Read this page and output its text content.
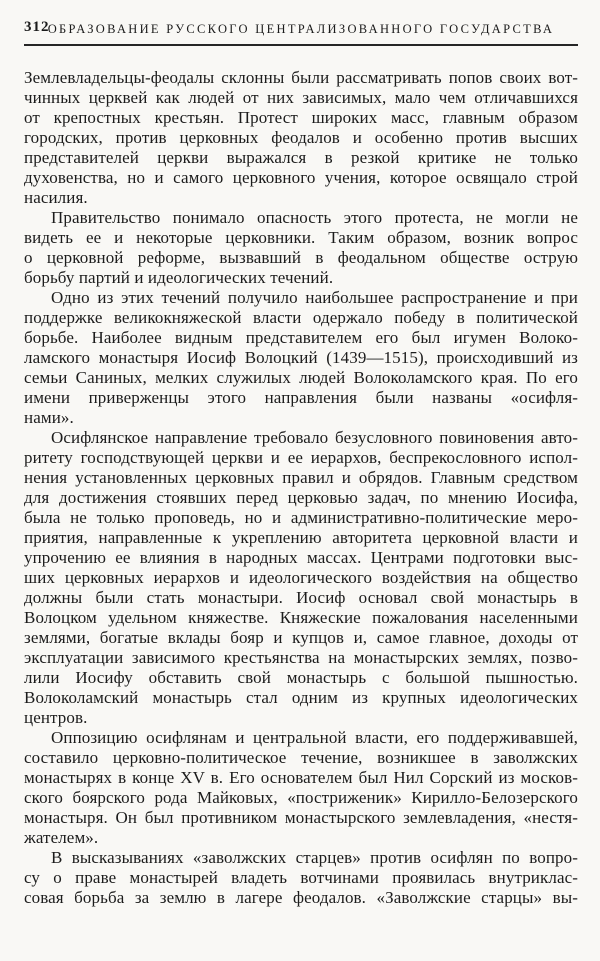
312
ОБРАЗОВАНИЕ РУССКОГО ЦЕНТРАЛИЗОВАННОГО ГОСУДАРСТВА
Землевладельцы-феодалы склонны были рассматривать попов своих вот-
чинных церквей как людей от них зависимых, мало чем отличавшихся
от крепостных крестьян. Протест широких масс, главным образом
городских, против церковных феодалов и особенно против высших
представителей церкви выражался в резкой критике не только
духовенства, но и самого церковного учения, которое освящало строй
насилия.
Правительство понимало опасность этого протеста, не могли не
видеть ее и некоторые церковники. Таким образом, возник вопрос
о церковной реформе, вызвавший в феодальном обществе острую
борьбу партий и идеологических течений.
Одно из этих течений получило наибольшее распространение и при
поддержке великокняжеской власти одержало победу в политической
борьбе. Наиболее видным представителем его был игумен Волоко-
ламского монастыря Иосиф Волоцкий (1439—1515), происходивший из
семьи Саниных, мелких служилых людей Волоколамского края. По его
имени приверженцы этого направления были названы «осифля-
нами».
Осифлянское направление требовало безусловного повиновения авто-
ритету господствующей церкви и ее иерархов, беспрекословного испол-
нения установленных церковных правил и обрядов. Главным средством
для достижения стоявших перед церковью задач, по мнению Иосифа,
была не только проповедь, но и административно-политические меро-
приятия, направленные к укреплению авторитета церковной власти и
упрочению ее влияния в народных массах. Центрами подготовки выс-
ших церковных иерархов и идеологического воздействия на общество
должны были стать монастыри. Иосиф основал свой монастырь в
Волоцком удельном княжестве. Княжеские пожалования населенными
землями, богатые вклады бояр и купцов и, самое главное, доходы от
эксплуатации зависимого крестьянства на монастырских землях, позво-
лили Иосифу обставить свой монастырь с большой пышностью.
Волоколамский монастырь стал одним из крупных идеологических
центров.
Оппозицию осифлянам и центральной власти, его поддерживавшей,
составило церковно-политическое течение, возникшее в заволжских
монастырях в конце XV в. Его основателем был Нил Сорский из москов-
ского боярского рода Майковых, «постриженик» Кирилло-Белозерского
монастыря. Он был противником монастырского землевладения, «нестя-
жателем».
В высказываниях «заволжских старцев» против осифлян по вопро-
су о праве монастырей владеть вотчинами проявилась внутриклас-
совая борьба за землю в лагере феодалов. «Заволжские старцы» вы-
